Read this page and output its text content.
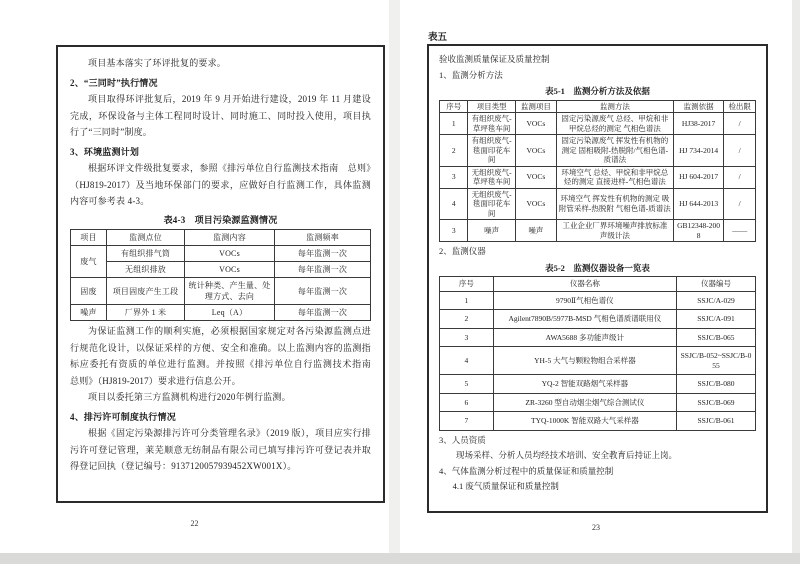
项目基本落实了环评批复的要求。

2、“三同时”执行情况

项目取得环评批复后，2019 年 9 月开始进行建设，2019 年 11 月建设完成，环保设备与主体工程同时设计、同时施工、同时投入使用，项目执行了“三同时”制度。

3、环境监测计划

根据环评文件级批复要求，参照《排污单位自行监测技术指南　总则》（HJ819-2017）及当地环保部门的要求，应做好自行监测工作，具体监测内容可参考表 4-3。

表4-3　项目污染源监测情况

项目	监测点位	监测内容	监测频率
废气	有组织排气筒	VOCs	每年监测一次
	无组织排放	VOCs	每年监测一次
固废	项目固废产生工段	统计种类、产生量、处理方式、去向	每年监测一次
噪声	厂界外 1 米	Leq（A）	每年监测一次

为保证监测工作的顺利实施，必须根据国家规定对各污染源监测点进行规范化设计，以保证采样的方便、安全和准确。以上监测内容的监测指标应委托有资质的单位进行监测。并按照《排污单位自行监测技术指南　总则》（HJ819-2017）要求进行信息公开。

项目以委托第三方监测机构进行2020年例行监测。

4、排污许可制度执行情况

根据《固定污染源排污许可分类管理名录》（2019 版），项目应实行排污许可登记管理，莱芜顺意无纺制品有限公司已填写排污许可登记表并取得登记回执（登记编号：9137120057939452XW001X）。

22
表五

验收监测质量保证及质量控制

1、监测分析方法

表5-1　监测分析方法及依据

序号	项目类型	监测项目	监测方法	监测依据	检出限
1	有组织废气-草坪毯车间	VOCs	固定污染源废气 总烃、甲烷和非甲烷总烃的测定 气相色谱法	HJ38-2017	/
2	有组织废气-毯面印花车间	VOCs	固定污染源废气 挥发性有机物的测定 固相吸附-热脱附/气相色谱-质谱法	HJ 734-2014	/
3	无组织废气-草坪毯车间	VOCs	环境空气 总烃、甲烷和非甲烷总烃的测定 直接进样-气相色谱法	HJ 604-2017	/
4	无组织废气-毯面印花车间	VOCs	环境空气 挥发性有机物的测定 吸附管采样-热脱附 气相色谱-质谱法	HJ 644-2013	/
3	噪声	噪声	工业企业厂界环境噪声排放标准 声级计法	GB12348-2008	——

2、监测仪器

表5-2　监测仪器设备一览表

序号	仪器名称	仪器编号
1	9790Ⅱ气相色谱仪	SSJC/A-029
2	Agilent7890B/5977B-MSD 气相色谱质谱联用仪	SSJC/A-091
3	AWA5688 多功能声级计	SSJC/B-065
4	YH-5 大气与颗粒物组合采样器	SSJC/B-052~SSJC/B-055
5	YQ-2 智能双路烟气采样器	SSJC/B-080
6	ZR-3260 型自动烟尘烟气综合测试仪	SSJC/B-069
7	TYQ-1000K 智能双路大气采样器	SSJC/B-061

3、人员资质

现场采样、分析人员均经技术培训、安全教育后持证上岗。

4、气体监测分析过程中的质量保证和质量控制

4.1 废气质量保证和质量控制

23
